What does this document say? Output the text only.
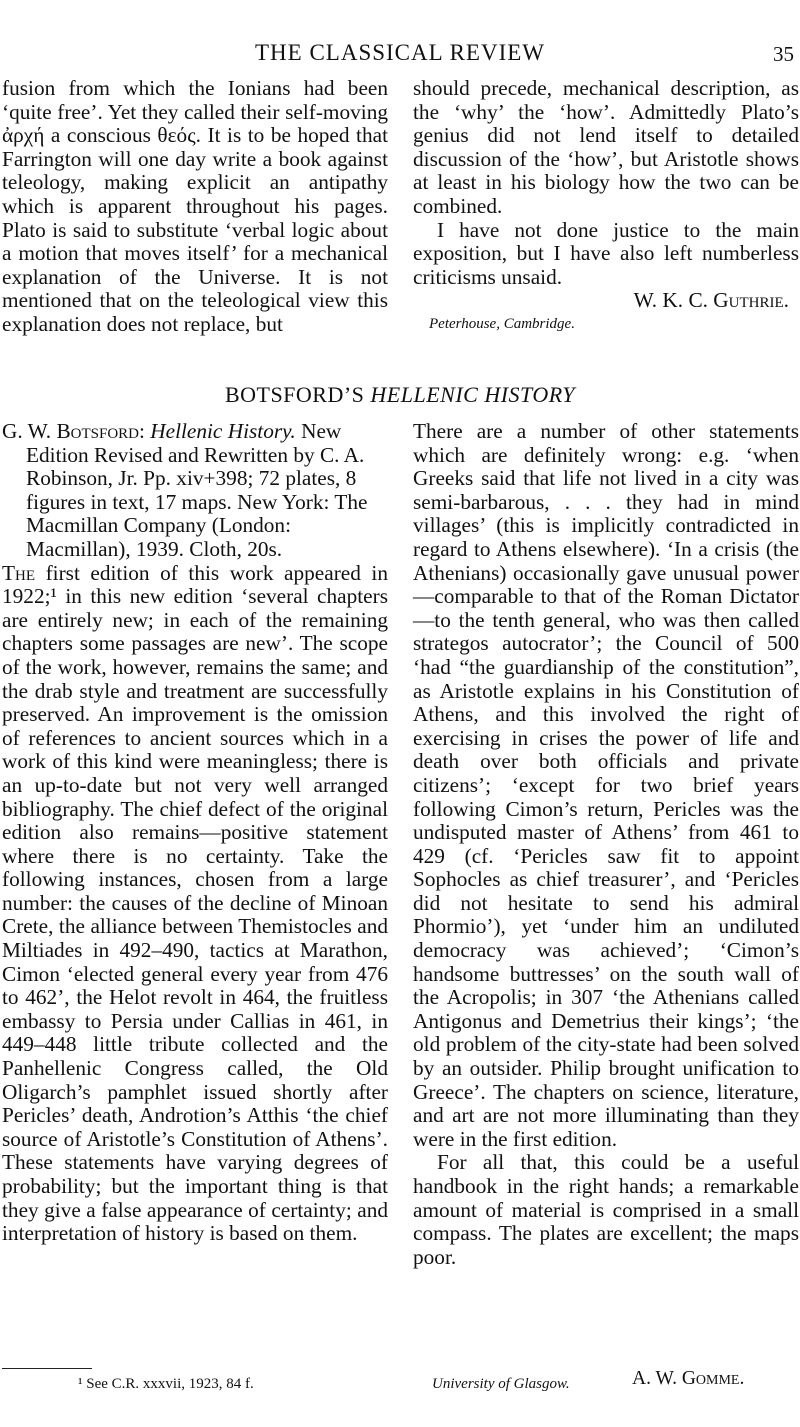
THE CLASSICAL REVIEW	35

fusion from which the Ionians had been ‘quite free’. Yet they called their self-moving ἀρχή a conscious θεός. It is to be hoped that Farrington will one day write a book against teleology, making explicit an antipathy which is apparent throughout his pages. Plato is said to substitute ‘verbal logic about a motion that moves itself’ for a mechanical explanation of the Universe. It is not mentioned that on the teleological view this explanation does not replace, but

should precede, mechanical description, as the ‘why’ the ‘how’. Admittedly Plato’s genius did not lend itself to detailed discussion of the ‘how’, but Aristotle shows at least in his biology how the two can be combined.

I have not done justice to the main exposition, but I have also left numberless criticisms unsaid.

W. K. C. Guthrie.

Peterhouse, Cambridge.

BOTSFORD’S HELLENIC HISTORY

G. W. Botsford: Hellenic History. New Edition Revised and Rewritten by C. A. Robinson, Jr. Pp. xiv+398; 72 plates, 8 figures in text, 17 maps. New York: The Macmillan Company (London: Macmillan), 1939. Cloth, 20s.

The first edition of this work appeared in 1922;¹ in this new edition ‘several chapters are entirely new; in each of the remaining chapters some passages are new’. The scope of the work, however, remains the same; and the drab style and treatment are successfully preserved. An improvement is the omission of references to ancient sources which in a work of this kind were meaningless; there is an up-to-date but not very well arranged bibliography. The chief defect of the original edition also remains—positive statement where there is no certainty. Take the following instances, chosen from a large number: the causes of the decline of Minoan Crete, the alliance between Themistocles and Miltiades in 492–490, tactics at Marathon, Cimon ‘elected general every year from 476 to 462’, the Helot revolt in 464, the fruitless embassy to Persia under Callias in 461, in 449–448 little tribute collected and the Panhellenic Congress called, the Old Oligarch’s pamphlet issued shortly after Pericles’ death, Androtion’s Atthis ‘the chief source of Aristotle’s Constitution of Athens’. These statements have varying degrees of probability; but the important thing is that they give a false appearance of certainty; and interpretation of history is based on them.

There are a number of other statements which are definitely wrong: e.g. ‘when Greeks said that life not lived in a city was semi-barbarous, . . . they had in mind villages’ (this is implicitly contradicted in regard to Athens elsewhere). ‘In a crisis (the Athenians) occasionally gave unusual power—comparable to that of the Roman Dictator—to the tenth general, who was then called strategos autocrator’; the Council of 500 ‘had “the guardianship of the constitution”, as Aristotle explains in his Constitution of Athens, and this involved the right of exercising in crises the power of life and death over both officials and private citizens’; ‘except for two brief years following Cimon’s return, Pericles was the undisputed master of Athens’ from 461 to 429 (cf. ‘Pericles saw fit to appoint Sophocles as chief treasurer’, and ‘Pericles did not hesitate to send his admiral Phormio’), yet ‘under him an undiluted democracy was achieved’; ‘Cimon’s handsome buttresses’ on the south wall of the Acropolis; in 307 ‘the Athenians called Antigonus and Demetrius their kings’; ‘the old problem of the city-state had been solved by an outsider. Philip brought unification to Greece’. The chapters on science, literature, and art are not more illuminating than they were in the first edition.

For all that, this could be a useful handbook in the right hands; a remarkable amount of material is comprised in a small compass. The plates are excellent; the maps poor.

¹ See C.R. xxxvii, 1923, 84 f.	University of Glasgow.	A. W. Gomme.
